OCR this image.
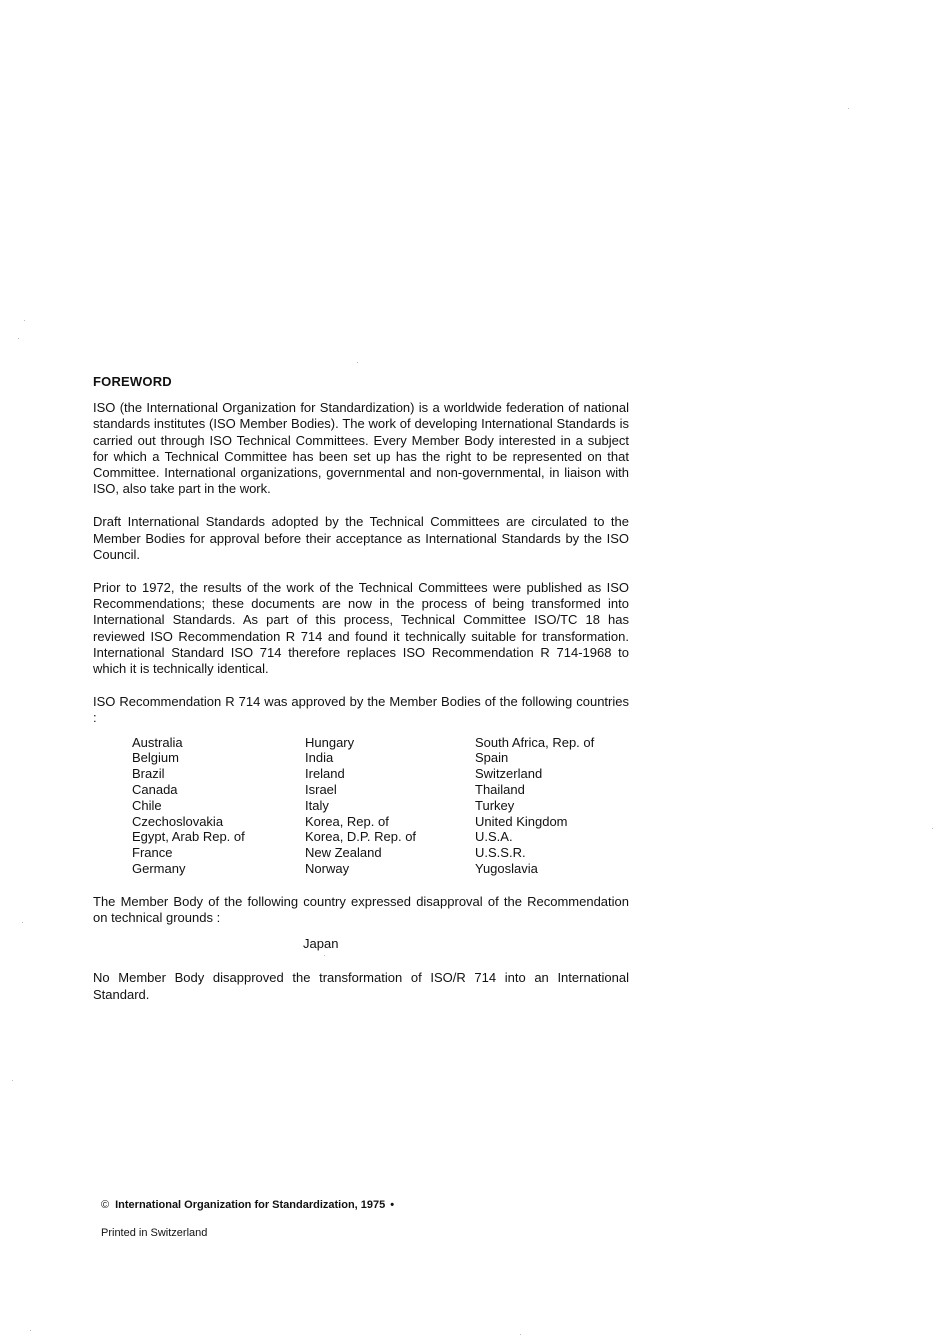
FOREWORD

ISO (the International Organization for Standardization) is a worldwide federation of national standards institutes (ISO Member Bodies). The work of developing International Standards is carried out through ISO Technical Committees. Every Member Body interested in a subject for which a Technical Committee has been set up has the right to be represented on that Committee. International organizations, governmental and non-governmental, in liaison with ISO, also take part in the work.

Draft International Standards adopted by the Technical Committees are circulated to the Member Bodies for approval before their acceptance as International Standards by the ISO Council.

Prior to 1972, the results of the work of the Technical Committees were published as ISO Recommendations; these documents are now in the process of being transformed into International Standards. As part of this process, Technical Committee ISO/TC 18 has reviewed ISO Recommendation R 714 and found it technically suitable for transformation. International Standard ISO 714 therefore replaces ISO Recommendation R 714-1968 to which it is technically identical.

ISO Recommendation R 714 was approved by the Member Bodies of the following countries :

Australia
Belgium
Brazil
Canada
Chile
Czechoslovakia
Egypt, Arab Rep. of
France
Germany
Hungary
India
Ireland
Israel
Italy
Korea, Rep. of
Korea, D.P. Rep. of
New Zealand
Norway
South Africa, Rep. of
Spain
Switzerland
Thailand
Turkey
United Kingdom
U.S.A.
U.S.S.R.
Yugoslavia

The Member Body of the following country expressed disapproval of the Recommendation on technical grounds :

Japan

No Member Body disapproved the transformation of ISO/R 714 into an International Standard.

© International Organization for Standardization, 1975 •
Printed in Switzerland
